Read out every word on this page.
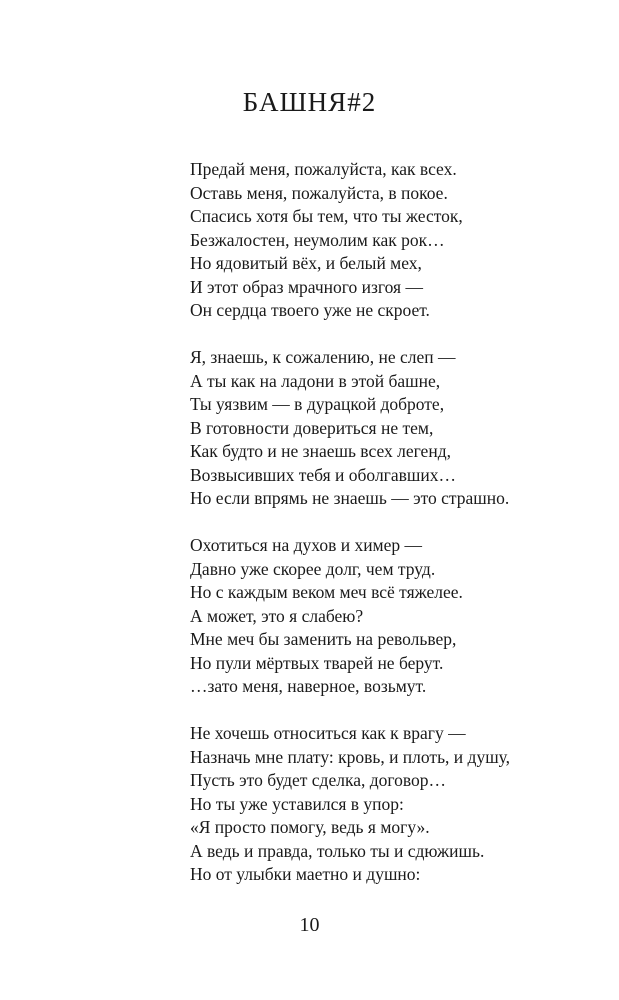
БАШНЯ#2
Предай меня, пожалуйста, как всех.
Оставь меня, пожалуйста, в покое.
Спасись хотя бы тем, что ты жесток,
Безжалостен, неумолим как рок…
Но ядовитый вёх, и белый мех,
И этот образ мрачного изгоя —
Он сердца твоего уже не скроет.
Я, знаешь, к сожалению, не слеп —
А ты как на ладони в этой башне,
Ты уязвим — в дурацкой доброте,
В готовности довериться не тем,
Как будто и не знаешь всех легенд,
Возвысивших тебя и оболгавших…
Но если впрямь не знаешь — это страшно.
Охотиться на духов и химер —
Давно уже скорее долг, чем труд.
Но с каждым веком меч всё тяжелее.
А может, это я слабею?
Мне меч бы заменить на револьвер,
Но пули мёртвых тварей не берут.
…зато меня, наверное, возьмут.
Не хочешь относиться как к врагу —
Назначь мне плату: кровь, и плоть, и душу,
Пусть это будет сделка, договор…
Но ты уже уставился в упор:
«Я просто помогу, ведь я могу».
А ведь и правда, только ты и сдюжишь.
Но от улыбки маетно и душно:
10
